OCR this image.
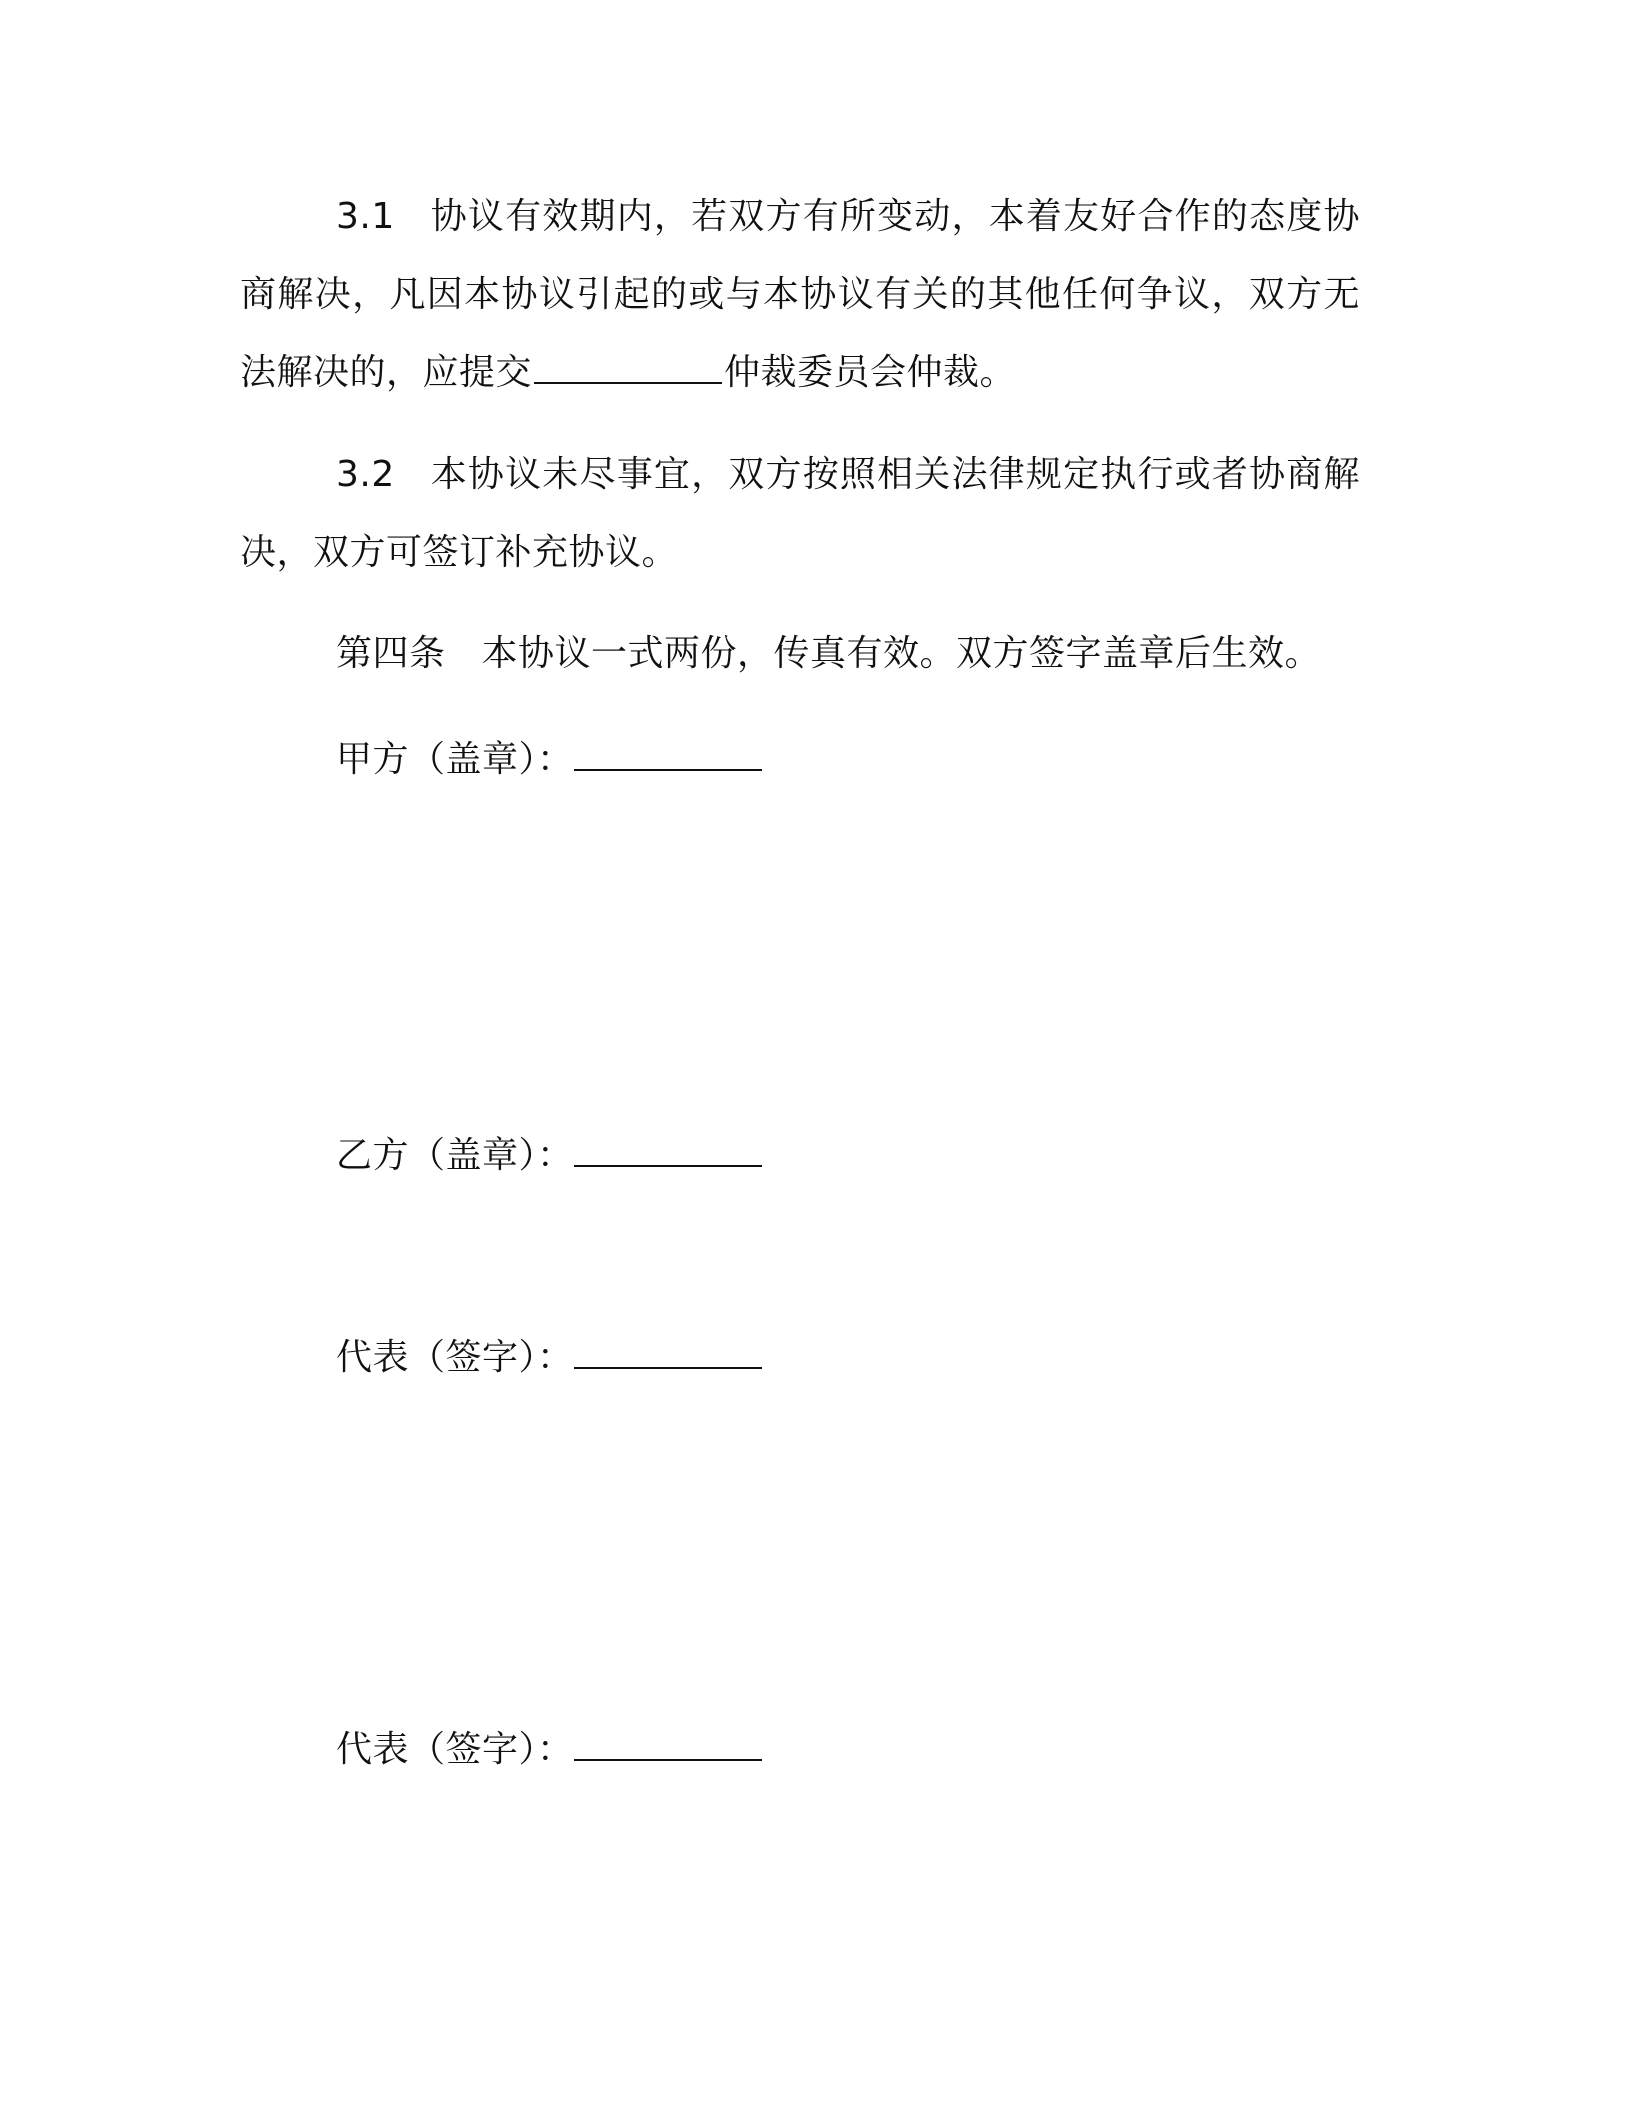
3.1 协议有效期内，若双方有所变动，本着友好合作的态度协商解决，凡因本协议引起的或与本协议有关的其他任何争议，双方无法解决的，应提交	仲裁委员会仲裁。
3.2 本协议未尽事宜，双方按照相关法律规定执行或者协商解决，双方可签订补充协议。
第四条 本协议一式两份，传真有效。双方签字盖章后生效。
甲方（盖章）：
乙方（盖章）：
代表（签字）：
代表（签字）：
